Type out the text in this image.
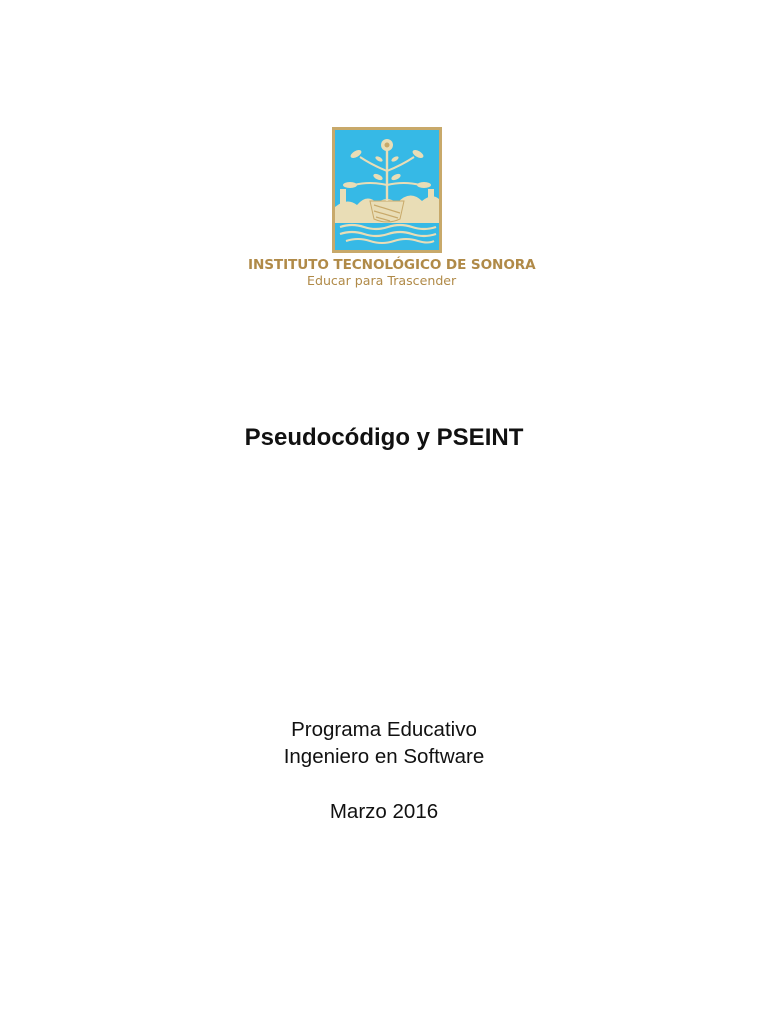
INSTITUTO TECNOLÓGICO DE SONORA
Educar para Trascender
Pseudocódigo y PSEINT
Programa Educativo
Ingeniero en Software
Marzo 2016
